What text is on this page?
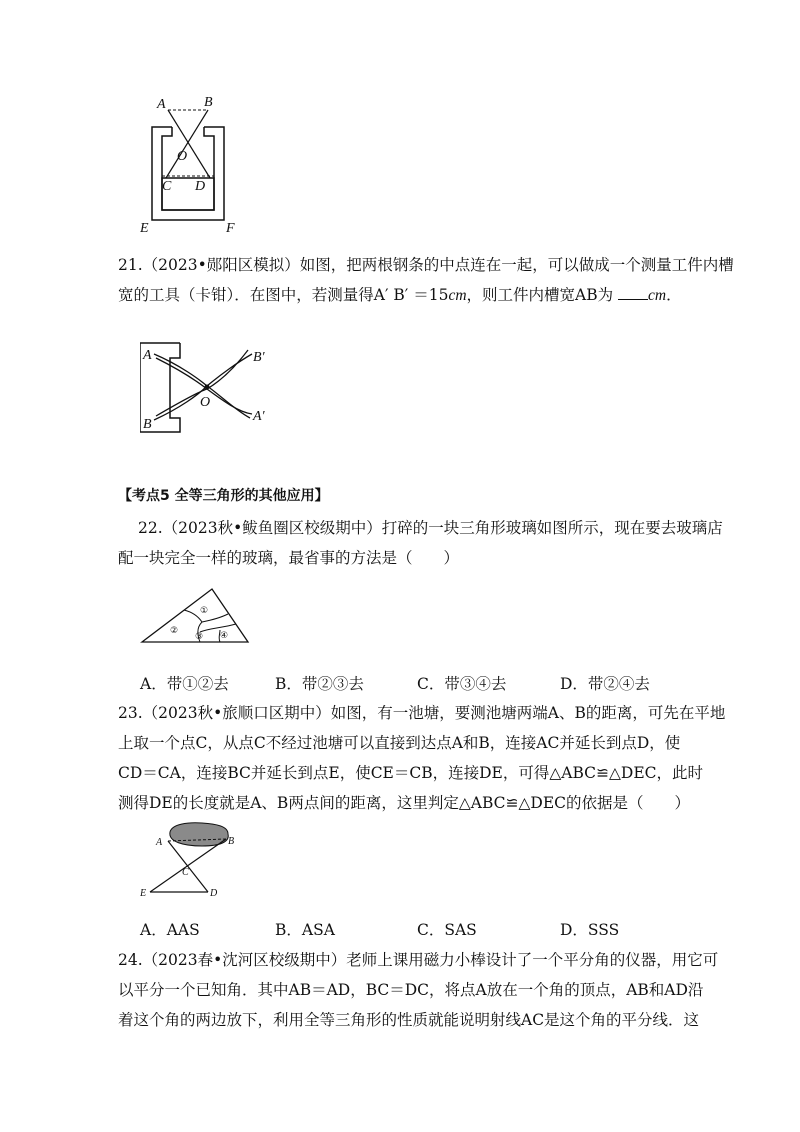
A	B
O
C D
E	F

21.（2023•郧阳区模拟）如图，把两根钢条的中点连在一起，可以做成一个测量工件内槽

宽的工具（卡钳）．在图中，若测量得A′ B′ ＝15cm，则工件内槽宽AB为 cm．

A
B
O
B′
A′
【考点5 全等三角形的其他应用】

22.（2023秋•鲅鱼圈区校级期中）打碎的一块三角形玻璃如图所示，现在要去玻璃店

配一块完全一样的玻璃，最省事的方法是（　　）

①
②
③ ④
A．带①②去	B．带②③去	C．带③④去	D．带②④去

23.（2023秋•旅顺口区期中）如图，有一池塘，要测池塘两端A、B的距离，可先在平地

上取一个点C，从点C不经过池塘可以直接到达点A和B，连接AC并延长到点D，使

CD＝CA，连接BC并延长到点E，使CE＝CB，连接DE，可得△ABC≌△DEC，此时

测得DE的长度就是A、B两点间的距离，这里判定△ABC≌△DEC的依据是（　　）

A	B
C
D
E
A．AAS	B．ASA	C．SAS	D．SSS

24.（2023春•沈河区校级期中）老师上课用磁力小棒设计了一个平分角的仪器，用它可

以平分一个已知角．其中AB＝AD，BC＝DC，将点A放在一个角的顶点，AB和AD沿

着这个角的两边放下，利用全等三角形的性质就能说明射线AC是这个角的平分线．这
